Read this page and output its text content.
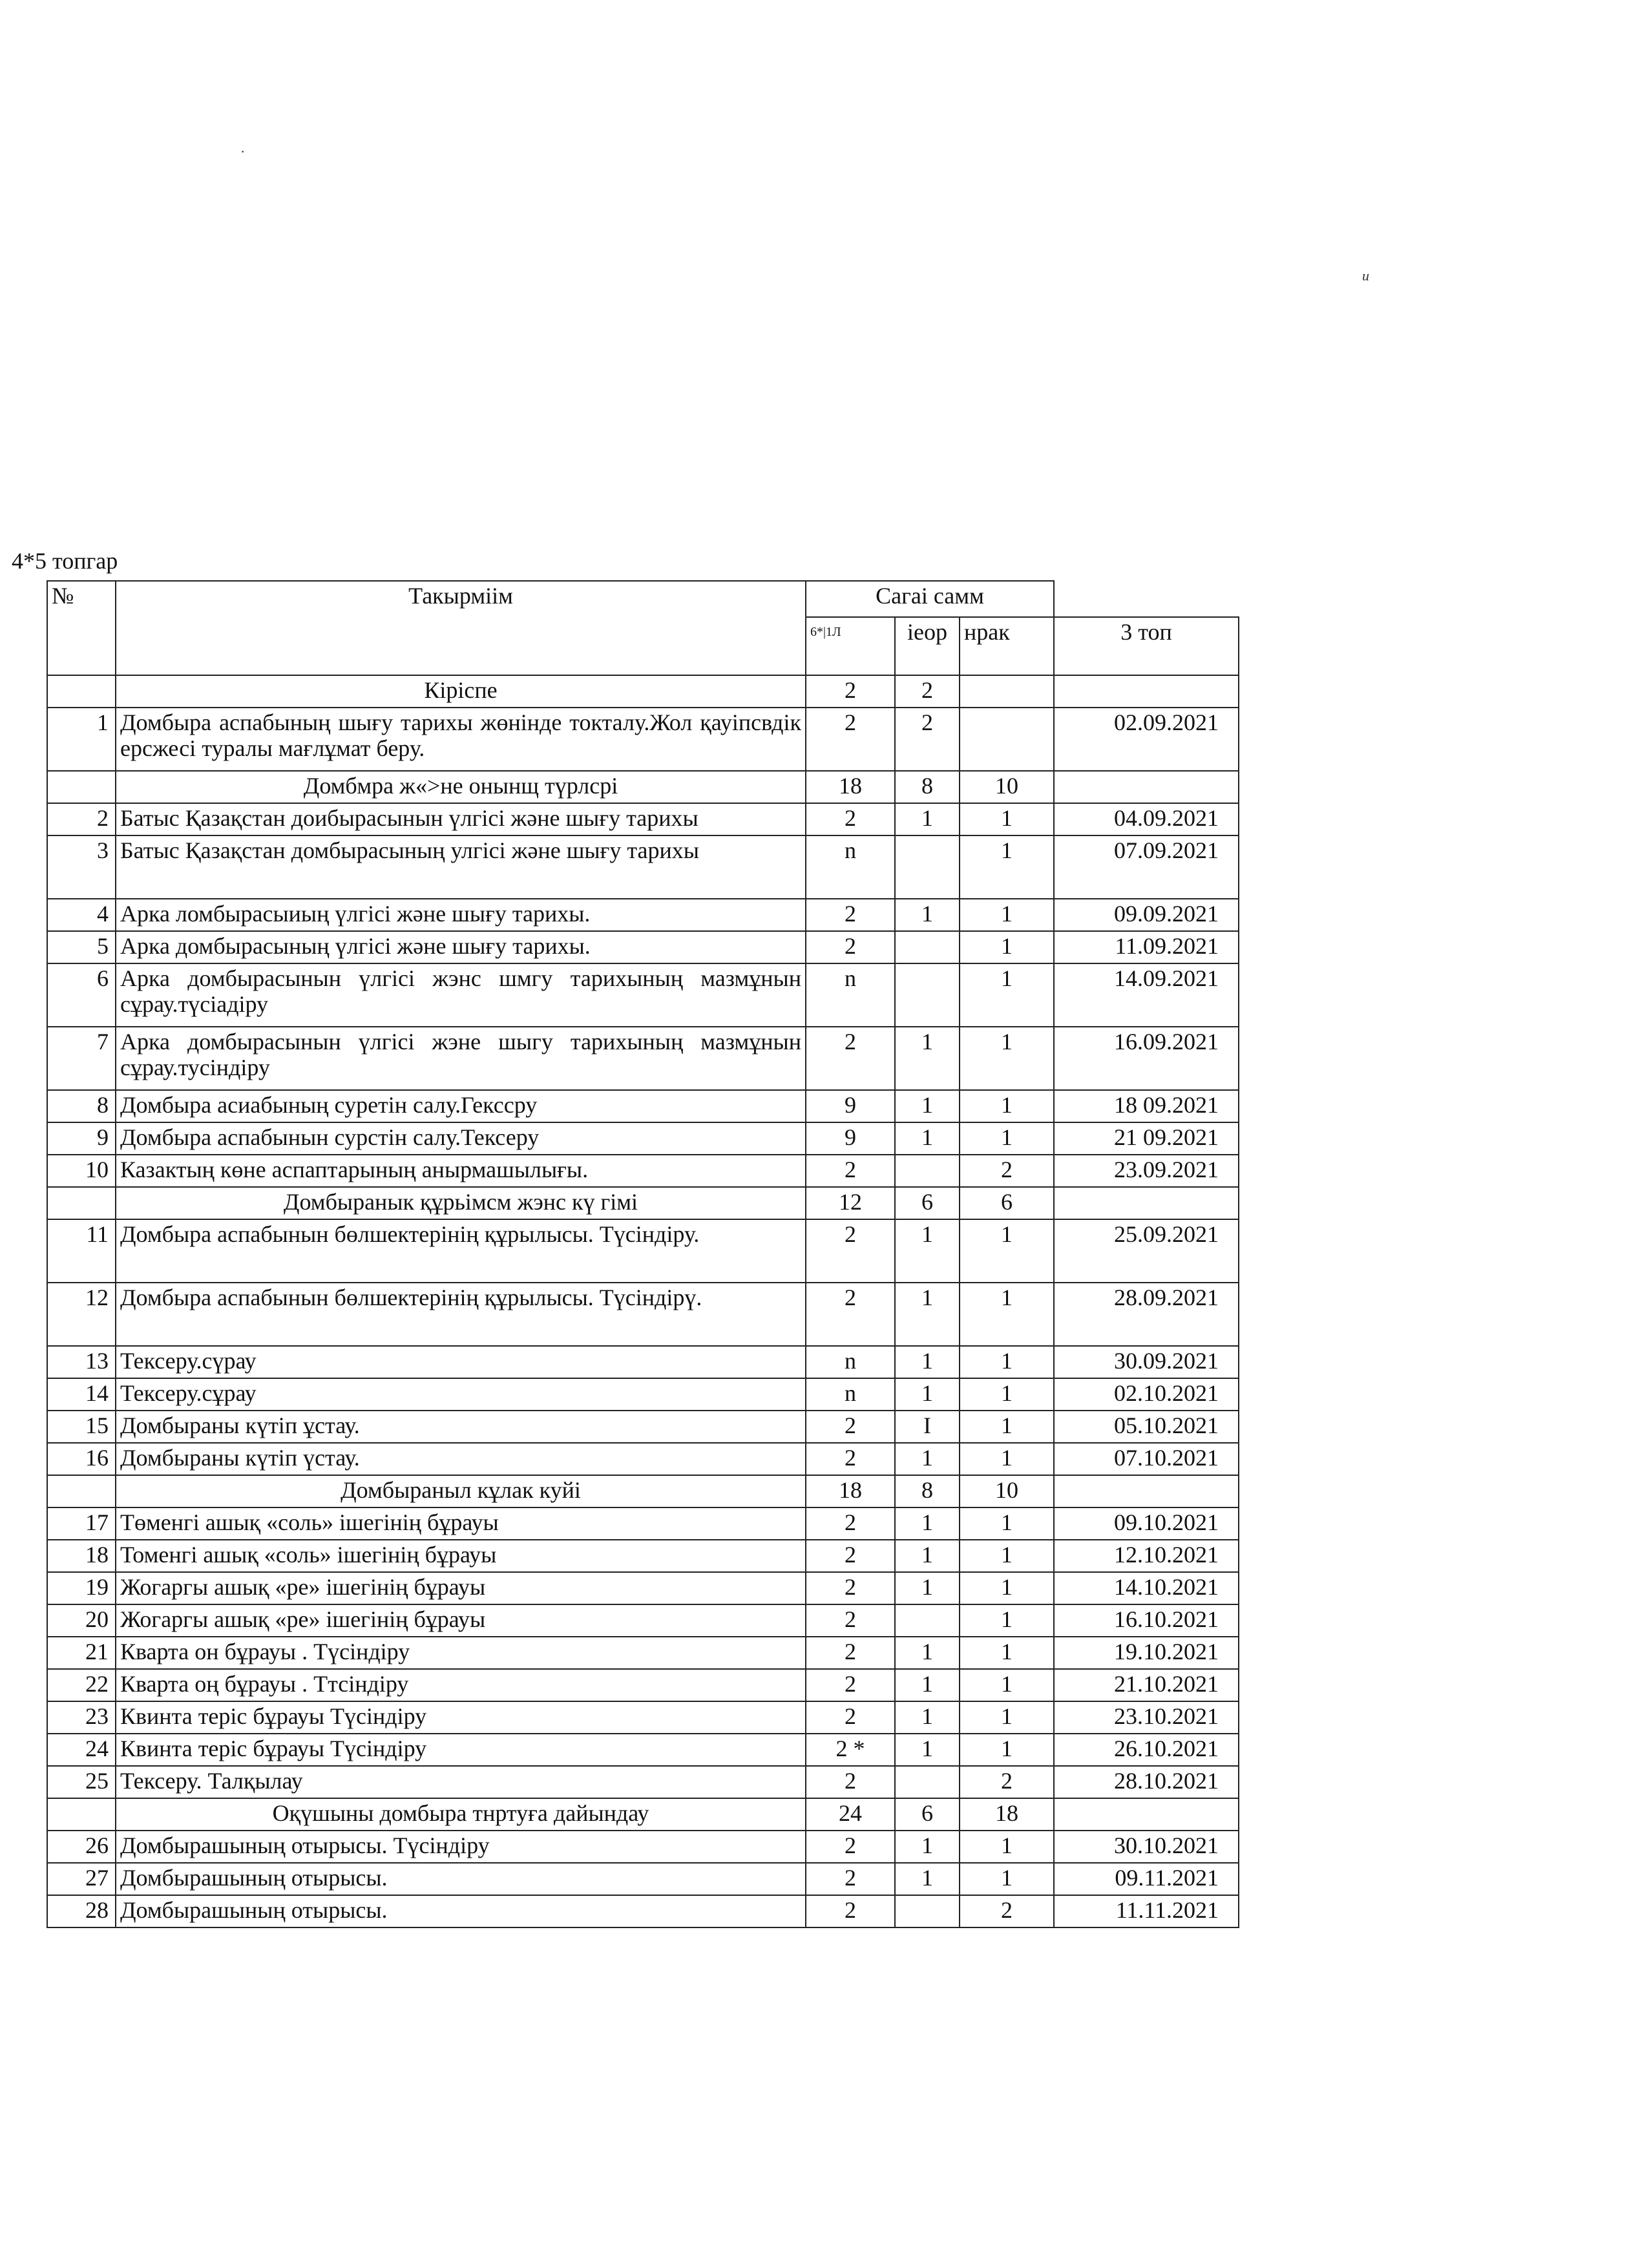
·
и
4*5 топгар
№	Такырміім	Сагаі самм			
		$^{6*|1Л}$	іеор	нрак	3 топ
	Кіріспе	2	2		
1	Домбыра аспабының шығу тарихы жөнінде токталу.Жол қауіпсвдік ерсжесі туралы мағлұмат беру.	2	2		02.09.2021
	Домбмра ж«>не онынщ түрлсрі	18	8	10	
2	Батыс Қазақстан доибырасынын үлгісі және шығу тарихы	2	1	1	04.09.2021
3	Батыс Қазақстан домбырасының улгісі және шығу тарихы	n		1	07.09.2021
4	Арка ломбырасыиың үлгісі және шығу тарихы.	2	1	1	09.09.2021
5	Арка домбырасының үлгісі және шығу тарихы.	2		1	11.09.2021
6	Арка домбырасынын үлгісі жэнс шмгу тарихының мазмұнын сұрау.түсіадіру	n		1	14.09.2021
7	Арка домбырасынын үлгісі жэне шыгу тарихының мазмұнын сұрау.тусіндіру	2	1	1	16.09.2021
8	Домбыра асиабының суретін салу.Гекссру	9	1	1	18 09.2021
9	Домбыра аспабынын сурстін салу.Тексеру	9	1	1	21 09.2021
10	Казактың көне аспаптарының анырмашылығы.	2		2	23.09.2021
	Домбыранык құрьімсм жэнс кү гімі	12	6	6	
11	Домбыра аспабынын бөлшектерінің құрылысы. Түсіндіру.	2	1	1	25.09.2021
12	Домбыра аспабынын бөлшектерінің құрылысы. Түсіндірү.	2	1	1	28.09.2021
13	Тексеру.сүрау	n	1	1	30.09.2021
14	Тексеру.сұрау	n	1	1	02.10.2021
15	Домбыраны күтіп ұстау.	2	I	1	05.10.2021
16	Домбыраны күтіп үстау.	2	1	1	07.10.2021
	Домбыраныл кұлак куйі	18	8	10	
17	Төменгі ашық «соль» ішегінің бұрауы	2	1	1	09.10.2021
18	Томенгі ашық «соль» ішегінің бұрауы	2	1	1	12.10.2021
19	Жогаргы ашық «ре» ішегінің бұрауы	2	1	1	14.10.2021
20	Жогаргы ашық «ре» ішегінің бұрауы	2		1	16.10.2021
21	Кварта он бұрауы . Түсіндіру	2	1	1	19.10.2021
22	Кварта оң бұрауы . Ттсіндіру	2	1	1	21.10.2021
23	Квинта теріс бұрауы Түсіндіру	2	1	1	23.10.2021
24	Квинта теріс бұрауы Түсіндіру	2 *	1	1	26.10.2021
25	Тексеру. Талқылау	2		2	28.10.2021
	Оқүшыны домбыра тнртуға дайындау	24	6	18	
26	Домбырашының отырысы. Түсіндіру	2	1	1	30.10.2021
27	Домбырашының отырысы.	2	1	1	09.11.2021
28	Домбырашының отырысы.	2		2	11.11.2021
